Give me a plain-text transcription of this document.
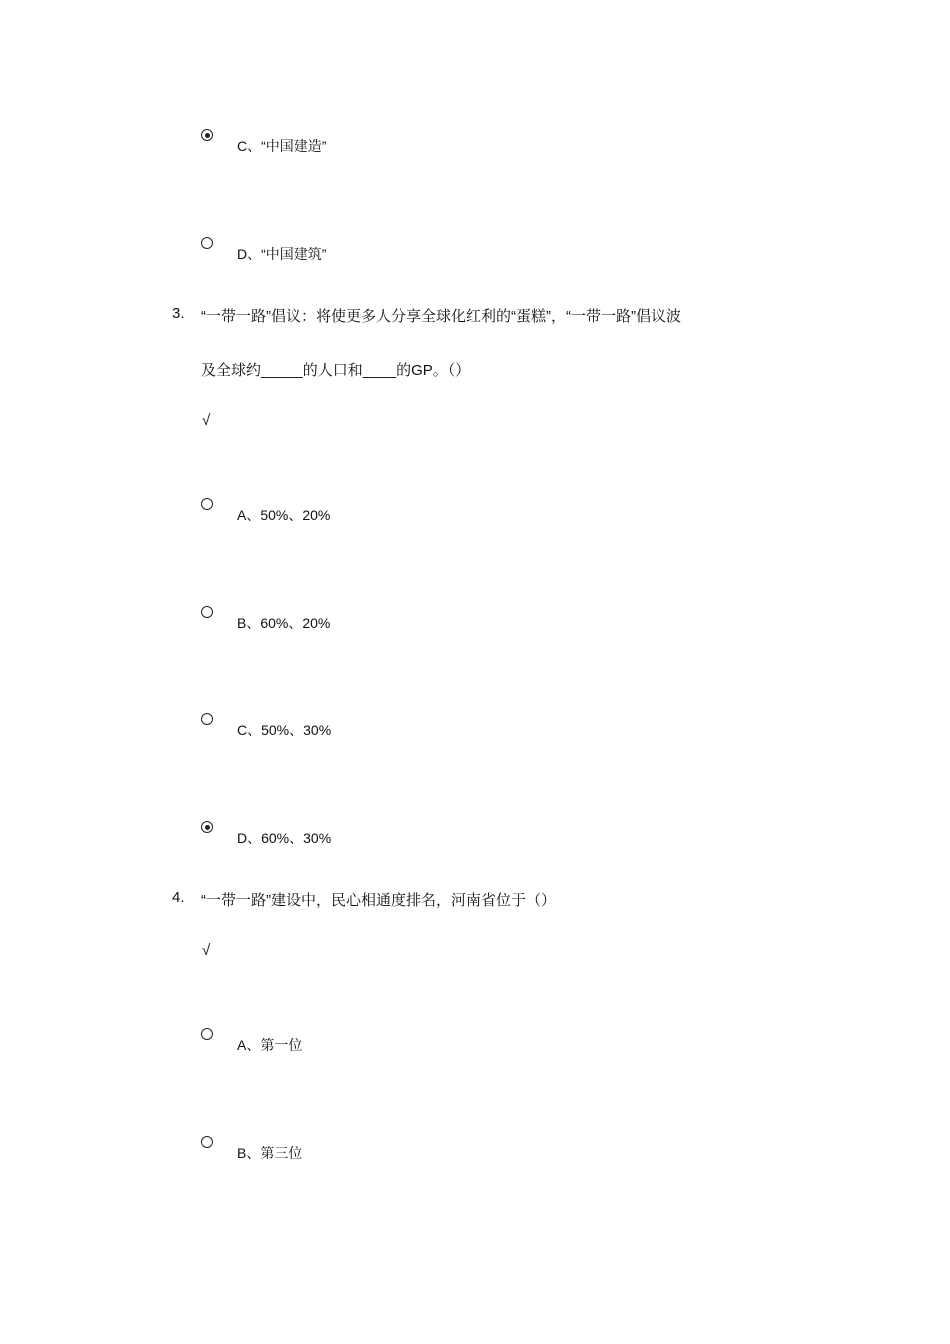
C、“中国建造”
D、“中国建筑”
3. “一带一路”倡议：将使更多人分享全球化红利的“蛋糕”，“一带一路”倡议波
及全球约_____的人口和____的GP。（）
√
A、50%、20%
B、60%、20%
C、50%、30%
D、60%、30%
4. “一带一路”建设中，民心相通度排名，河南省位于（）
√
A、第一位
B、第三位
